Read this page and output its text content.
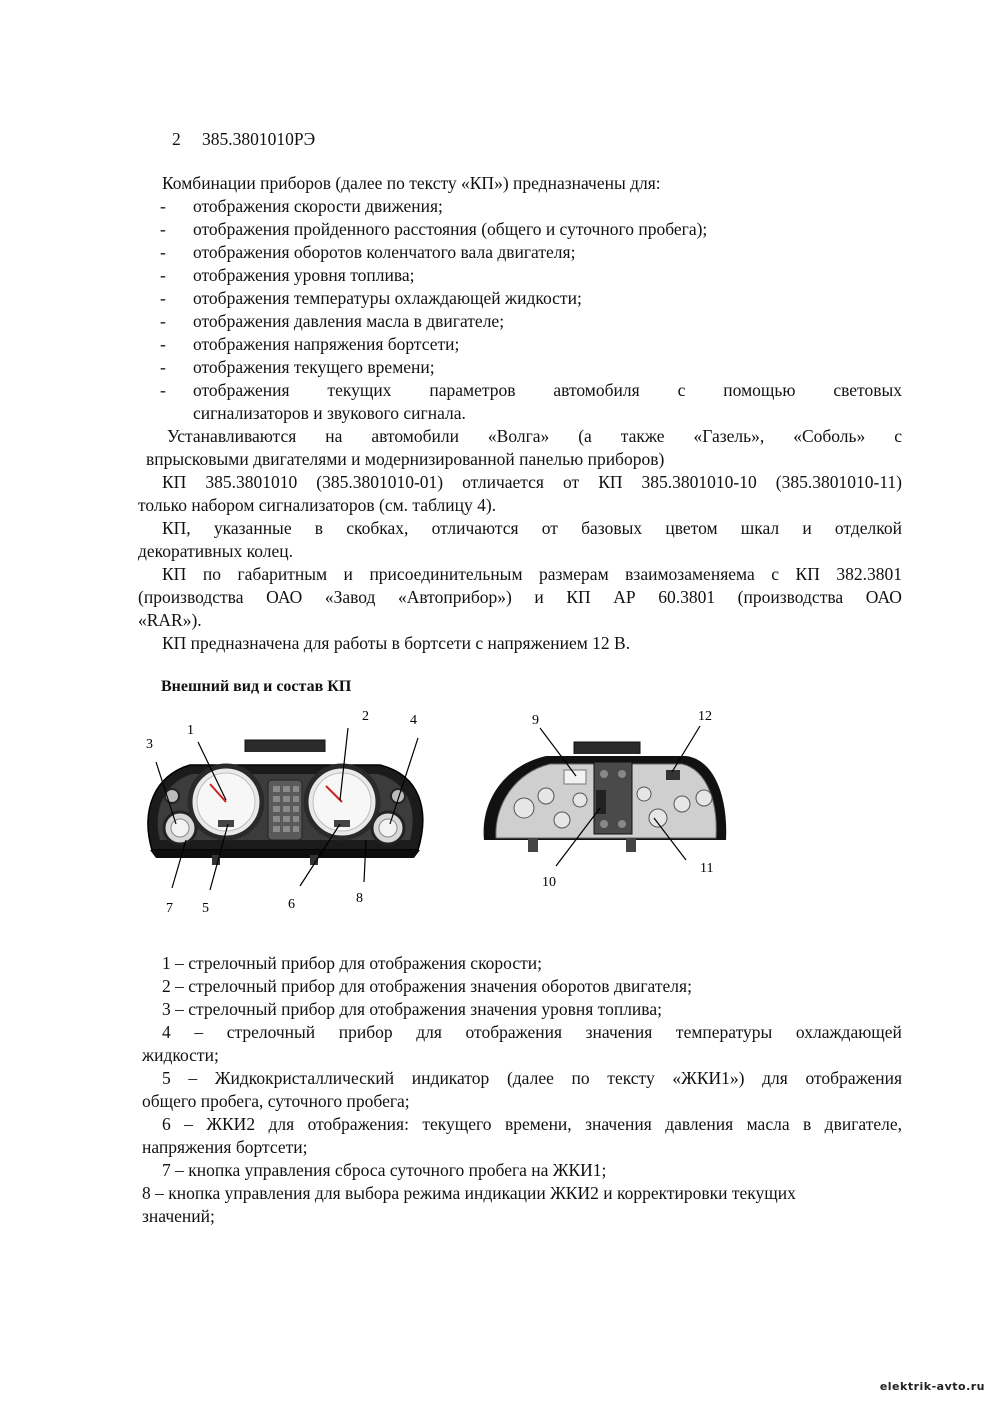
2 385.3801010РЭ
Комбинации приборов (далее по тексту «КП») предназначены для:
- отображения скорости движения;
- отображения пройденного расстояния (общего и суточного пробега);
- отображения оборотов коленчатого вала двигателя;
- отображения уровня топлива;
- отображения температуры охлаждающей жидкости;
- отображения давления масла в двигателе;
- отображения напряжения бортсети;
- отображения текущего времени;
- отображения текущих параметров автомобиля с помощью световых
сигнализаторов и звукового сигнала.
Устанавливаются на автомобили «Волга» (а также «Газель», «Соболь» с
впрысковыми двигателями и модернизированной панелью приборов)
КП 385.3801010 (385.3801010-01) отличается от КП 385.3801010-10 (385.3801010-11)
только набором сигнализаторов (см. таблицу 4).
КП, указанные в скобках, отличаются от базовых цветом шкал и отделкой
декоративных колец.
КП по габаритным и присоединительным размерам взаимозаменяема с КП 382.3801
(производства ОАО «Завод «Автоприбор») и КП АР 60.3801 (производства ОАО
«RAR»).
КП предназначена для работы в бортсети с напряжением 12 В.
Внешний вид и состав КП
1
2
3
4
5	6
7
8
9
10
11
12
1 – стрелочный прибор для отображения скорости;
2 – стрелочный прибор для отображения значения оборотов двигателя;
3 – стрелочный прибор для отображения значения уровня топлива;
4 – стрелочный прибор для отображения значения температуры охлаждающей
жидкости;
5 – Жидкокристаллический индикатор (далее по тексту «ЖКИ1») для отображения
общего пробега, суточного пробега;
6 – ЖКИ2 для отображения: текущего времени, значения давления масла в двигателе,
напряжения бортсети;
7 – кнопка управления сброса суточного пробега на ЖКИ1;
8 – кнопка управления для выбора режима индикации ЖКИ2 и корректировки текущих
значений;
elektrik-avto.ru
